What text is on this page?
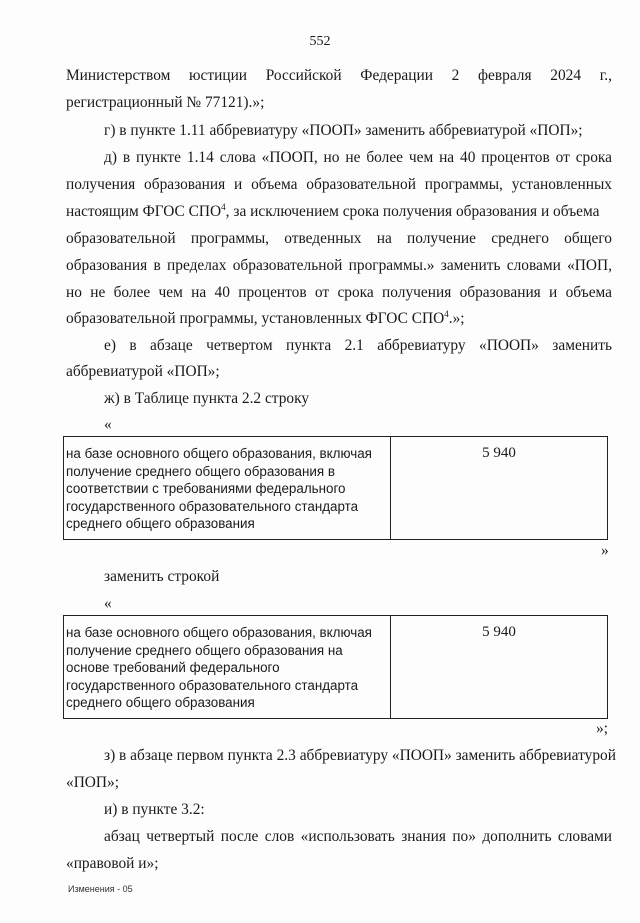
552
Министерством юстиции Российской Федерации 2 февраля 2024 г.,
регистрационный № 77121).»;
г) в пункте 1.11 аббревиатуру «ПООП» заменить аббревиатурой «ПОП»;
д) в пункте 1.14 слова «ПООП, но не более чем на 40 процентов от срока
получения образования и объема образовательной программы, установленных
настоящим ФГОС СПО$^4$, за исключением срока получения образования и объема
образовательной программы, отведенных на получение среднего общего
образования в пределах образовательной программы.» заменить словами «ПОП,
но не более чем на 40 процентов от срока получения образования и объема
образовательной программы, установленных ФГОС СПО$^4$.»;
е) в абзаце четвертом пункта 2.1 аббревиатуру «ПООП» заменить
аббревиатурой «ПОП»;
ж) в Таблице пункта 2.2 строку
«
на базе основного общего образования, включая
получение среднего общего образования в
соответствии с требованиями федерального
государственного образовательного стандарта
среднего общего образования
5 940
»
заменить строкой
«
на базе основного общего образования, включая
получение среднего общего образования на
основе требований федерального
государственного образовательного стандарта
среднего общего образования
5 940
»;
з) в абзаце первом пункта 2.3 аббревиатуру «ПООП» заменить аббревиатурой
«ПОП»;
и) в пункте 3.2:
абзац четвертый после слов «использовать знания по» дополнить словами
«правовой и»;
Изменения - 05
